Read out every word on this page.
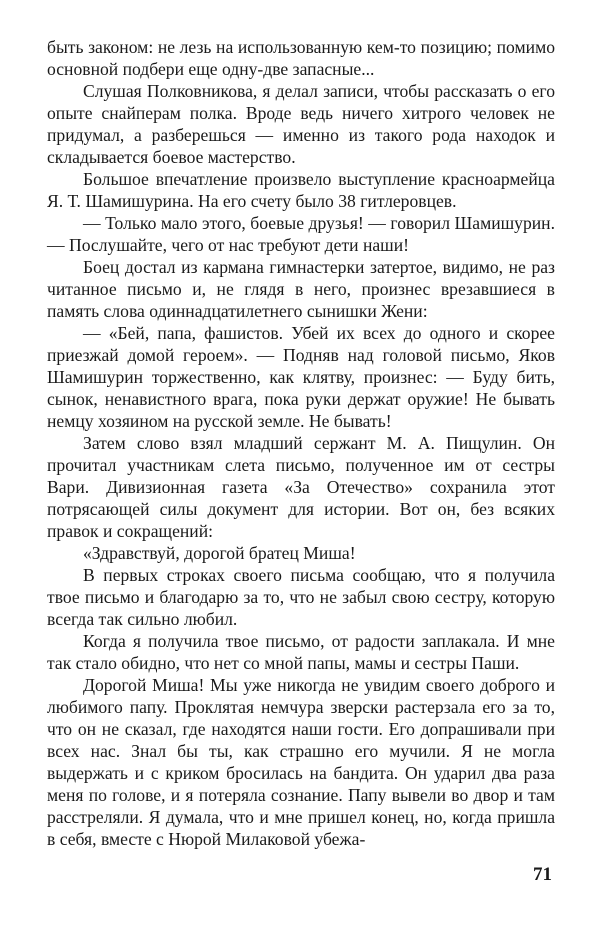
быть законом: не лезь на использованную кем-то позицию; помимо основной подбери еще одну-две запасные...

Слушая Полковникова, я делал записи, чтобы рассказать о его опыте снайперам полка. Вроде ведь ничего хитрого человек не придумал, а разберешься — именно из такого рода находок и складывается боевое мастерство.

Большое впечатление произвело выступление красноармейца Я. Т. Шамишурина. На его счету было 38 гитлеровцев.

— Только мало этого, боевые друзья! — говорил Шамишурин.— Послушайте, чего от нас требуют дети наши!

Боец достал из кармана гимнастерки затертое, видимо, не раз читанное письмо и, не глядя в него, произнес врезавшиеся в память слова одиннадцатилетнего сынишки Жени:

— «Бей, папа, фашистов. Убей их всех до одного и скорее приезжай домой героем». — Подняв над головой письмо, Яков Шамишурин торжественно, как клятву, произнес: — Буду бить, сынок, ненавистного врага, пока руки держат оружие! Не бывать немцу хозяином на русской земле. Не бывать!

Затем слово взял младший сержант М. А. Пищулин. Он прочитал участникам слета письмо, полученное им от сестры Вари. Дивизионная газета «За Отечество» сохранила этот потрясающей силы документ для истории. Вот он, без всяких правок и сокращений:

«Здравствуй, дорогой братец Миша!

В первых строках своего письма сообщаю, что я получила твое письмо и благодарю за то, что не забыл свою сестру, которую всегда так сильно любил.

Когда я получила твое письмо, от радости заплакала. И мне так стало обидно, что нет со мной папы, мамы и сестры Паши.

Дорогой Миша! Мы уже никогда не увидим своего доброго и любимого папу. Проклятая немчура зверски растерзала его за то, что он не сказал, где находятся наши гости. Его допрашивали при всех нас. Знал бы ты, как страшно его мучили. Я не могла выдержать и с криком бросилась на бандита. Он ударил два раза меня по голове, и я потеряла сознание. Папу вывели во двор и там расстреляли. Я думала, что и мне пришел конец, но, когда пришла в себя, вместе с Нюрой Милаковой убежа-

71
